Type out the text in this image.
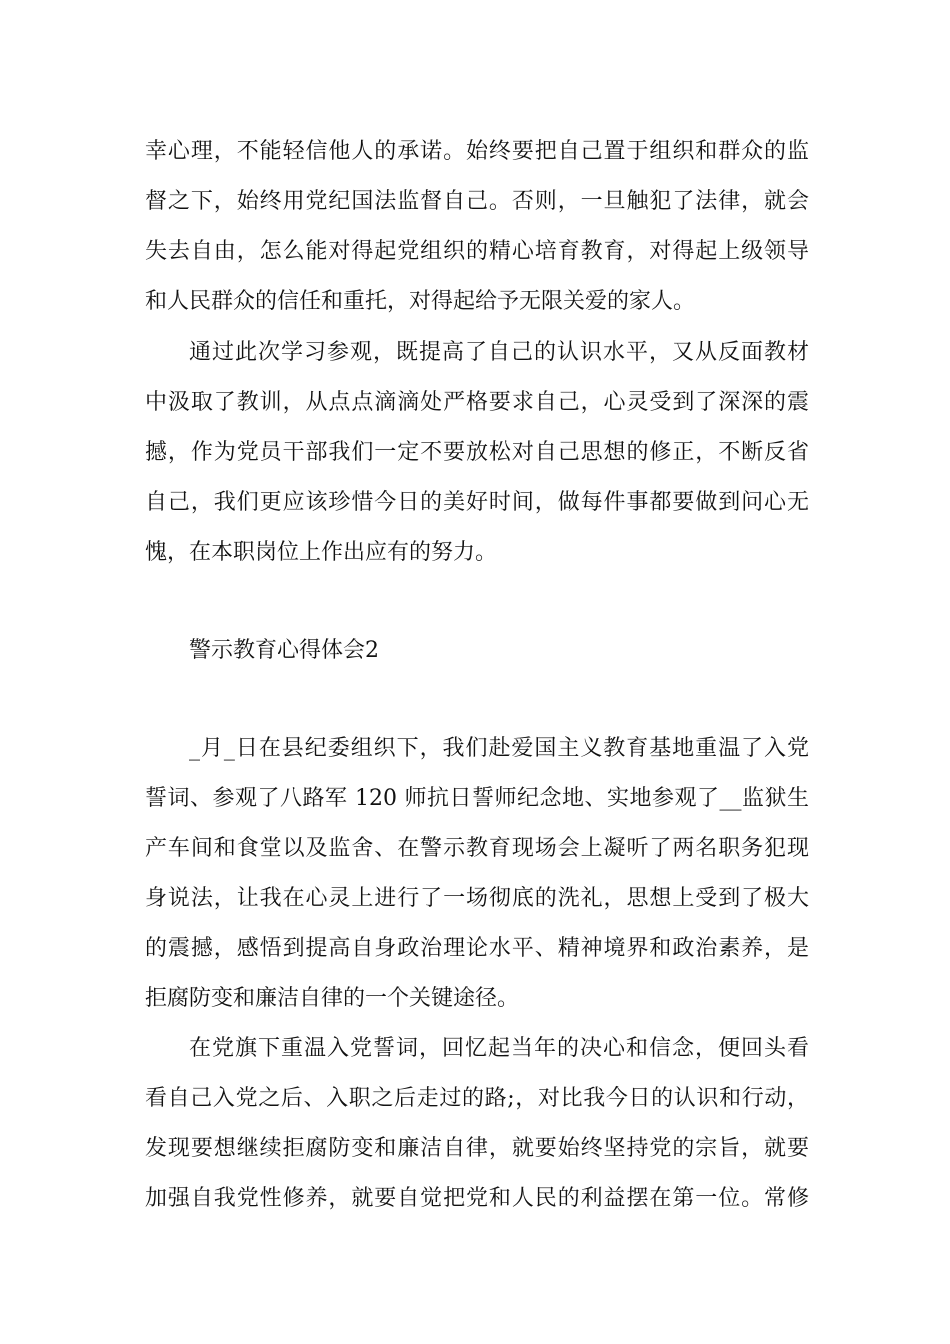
幸心理，不能轻信他人的承诺。始终要把自己置于组织和群众的监
督之下，始终用党纪国法监督自己。否则，一旦触犯了法律，就会
失去自由，怎么能对得起党组织的精心培育教育，对得起上级领导
和人民群众的信任和重托，对得起给予无限关爱的家人。
通过此次学习参观，既提高了自己的认识水平，又从反面教材
中汲取了教训，从点点滴滴处严格要求自己，心灵受到了深深的震
撼，作为党员干部我们一定不要放松对自己思想的修正，不断反省
自己，我们更应该珍惜今日的美好时间，做每件事都要做到问心无
愧，在本职岗位上作出应有的努力。
警示教育心得体会2
_月_日在县纪委组织下，我们赴爱国主义教育基地重温了入党
誓词、参观了八路军 120 师抗日誓师纪念地、实地参观了__监狱生
产车间和食堂以及监舍、在警示教育现场会上凝听了两名职务犯现
身说法，让我在心灵上进行了一场彻底的洗礼，思想上受到了极大
的震撼，感悟到提高自身政治理论水平、精神境界和政治素养，是
拒腐防变和廉洁自律的一个关键途径。
在党旗下重温入党誓词，回忆起当年的决心和信念，便回头看
看自己入党之后、入职之后走过的路;，对比我今日的认识和行动，
发现要想继续拒腐防变和廉洁自律，就要始终坚持党的宗旨，就要
加强自我党性修养，就要自觉把党和人民的利益摆在第一位。常修
